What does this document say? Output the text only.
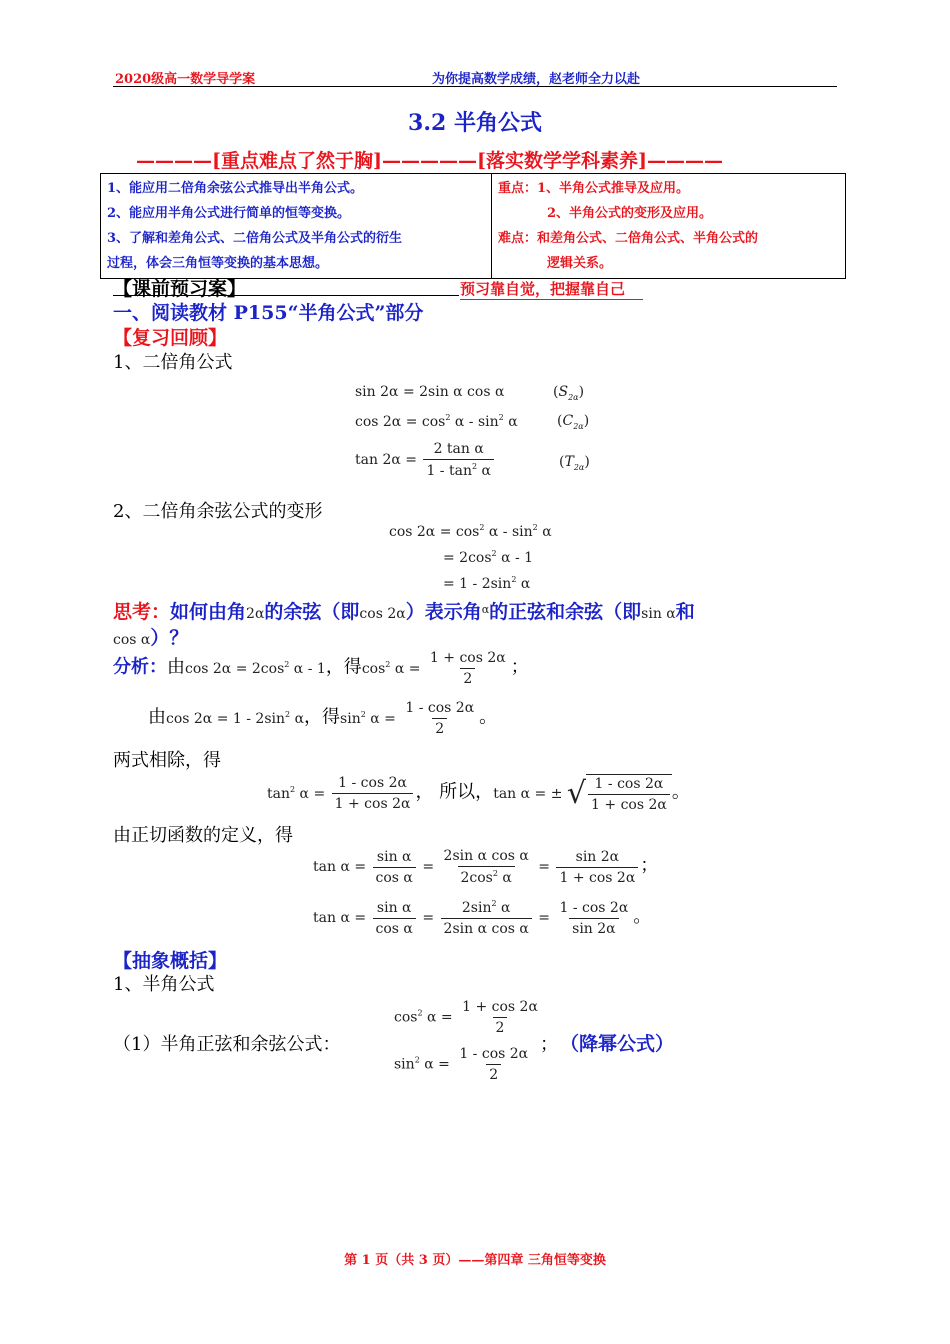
2020级高一数学导学案	为你提高数学成绩，赵老师全力以赴
3.2 半角公式
————[重点难点了然于胸]—————[落实数学学科素养]————
1、能应用二倍角余弦公式推导出半角公式。
2、能应用半角公式进行简单的恒等变换。
3、了解和差角公式、二倍角公式及半角公式的衍生
过程，体会三角恒等变换的基本思想。

重点：1、半角公式推导及应用。
2、半角公式的变形及应用。
难点：和差角公式、二倍角公式、半角公式的
逻辑关系。
【课前预习案】	预习靠自觉，把握靠自己
一、阅读教材 P155“半角公式”部分
【复习回顾】
1、二倍角公式
sin 2α = 2sin α cos α	$(S_{2\alpha})$
$\cos 2\alpha = \cos^2 \alpha - \sin^2 \alpha$	$(C_{2\alpha})$
$\tan 2\alpha = \frac{\text{2 tan α}}{1 - \tan^2 \alpha}$	$(T_{2\alpha})$
2、二倍角余弦公式的变形
$\cos 2\alpha = \cos^2 \alpha - \sin^2 \alpha$
= $2\cos^2$ α - 1
= $1 - 2\sin^2$ α
思考：如何由角2α的余弦（即cos 2α）表示角$^\alpha$的正弦和余弦（即sin α和
cos α）？
分析：由$\cos 2\alpha = 2\cos^2$ α - 1，得$\cos^2 \alpha = \frac{1 + \cos 2\alpha}{2}$ ；
由$\cos 2\alpha = 1 - 2\sin^2$ α，得$\sin^2 \alpha = \frac{1 - \cos 2\alpha}{2}$ 。
两式相除，得
$\tan^2 \alpha = \frac{1 - \cos 2\alpha}{1 + \cos 2\alpha}$ ， 所以，tan α = ± √ $\frac{1 - \cos 2\alpha}{1 + \cos 2\alpha}$ 。
由正切函数的定义，得
$\tan \alpha = \frac{\text{sin α}}{\text{cos α}} = \frac{\text{2sin α cos α}}{2\cos^2 \alpha} = \frac{\sin 2\alpha}{1 + \cos 2\alpha}$ ；
$\tan \alpha = \frac{\text{sin α}}{\text{cos α}} = \frac{2\sin^2 \alpha}{\text{2sin α cos α}} = \frac{1 - \cos 2\alpha}{\sin 2\alpha}$ 。
【抽象概括】
1、半角公式
（1）半角正弦和余弦公式：
$\cos^2 \alpha = \frac{1 + \cos 2\alpha}{2}$
$\sin^2 \alpha = \frac{1 - \cos 2\alpha}{2}$
； （降幂公式）
第 1 页（共 3 页）——第四章 三角恒等变换
